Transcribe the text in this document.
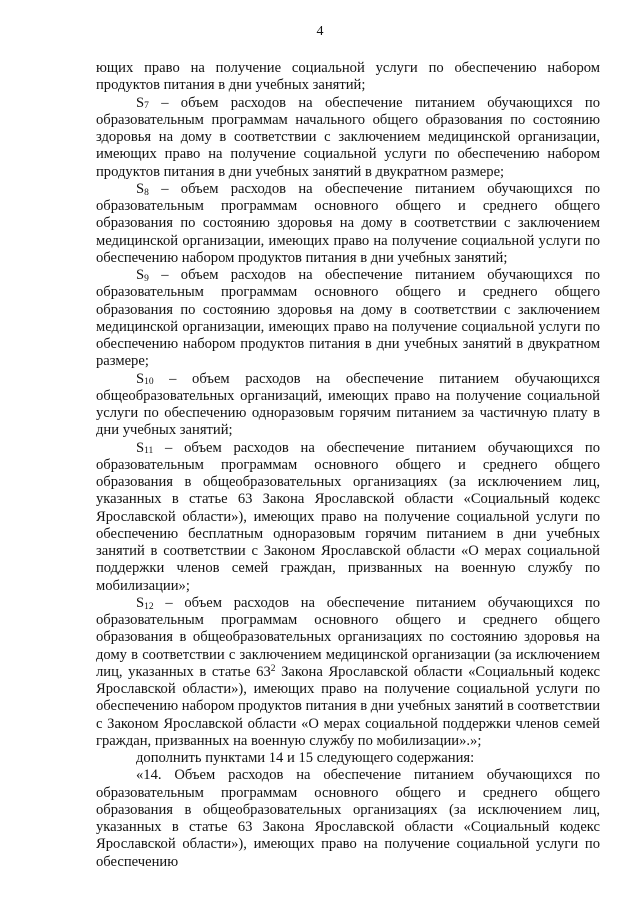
4

ющих право на получение социальной услуги по обеспечению набором продуктов питания в дни учебных занятий;

$S_7$ – объем расходов на обеспечение питанием обучающихся по образовательным программам начального общего образования по состоянию здоровья на дому в соответствии с заключением медицинской организации, имеющих право на получение социальной услуги по обеспечению набором продуктов питания в дни учебных занятий в двукратном размере;

$S_8$ – объем расходов на обеспечение питанием обучающихся по образовательным программам основного общего и среднего общего образования по состоянию здоровья на дому в соответствии с заключением медицинской организации, имеющих право на получение социальной услуги по обеспечению набором продуктов питания в дни учебных занятий;

$S_9$ – объем расходов на обеспечение питанием обучающихся по образовательным программам основного общего и среднего общего образования по состоянию здоровья на дому в соответствии с заключением медицинской организации, имеющих право на получение социальной услуги по обеспечению набором продуктов питания в дни учебных занятий в двукратном размере;

$S_{10}$ – объем расходов на обеспечение питанием обучающихся общеобразовательных организаций, имеющих право на получение социальной услуги по обеспечению одноразовым горячим питанием за частичную плату в дни учебных занятий;

$S_{11}$ – объем расходов на обеспечение питанием обучающихся по образовательным программам основного общего и среднего общего образования в общеобразовательных организациях (за исключением лиц, указанных в статье 63 Закона Ярославской области «Социальный кодекс Ярославской области»), имеющих право на получение социальной услуги по обеспечению бесплатным одноразовым горячим питанием в дни учебных занятий в соответствии с Законом Ярославской области «О мерах социальной поддержки членов семей граждан, призванных на военную службу по мобилизации»;

$S_{12}$ – объем расходов на обеспечение питанием обучающихся по образовательным программам основного общего и среднего общего образования в общеобразовательных организациях по состоянию здоровья на дому в соответствии с заключением медицинской организации (за исключением лиц, указанных в статье $63^2$ Закона Ярославской области «Социальный кодекс Ярославской области»), имеющих право на получение социальной услуги по обеспечению набором продуктов питания в дни учебных занятий в соответствии с Законом Ярославской области «О мерах социальной поддержки членов семей граждан, призванных на военную службу по мобилизации».»;

дополнить пунктами 14 и 15 следующего содержания:

«14. Объем расходов на обеспечение питанием обучающихся по образовательным программам основного общего и среднего общего образования в общеобразовательных организациях (за исключением лиц, указанных в статье 63 Закона Ярославской области «Социальный кодекс Ярославской области»), имеющих право на получение социальной услуги по обеспечению
